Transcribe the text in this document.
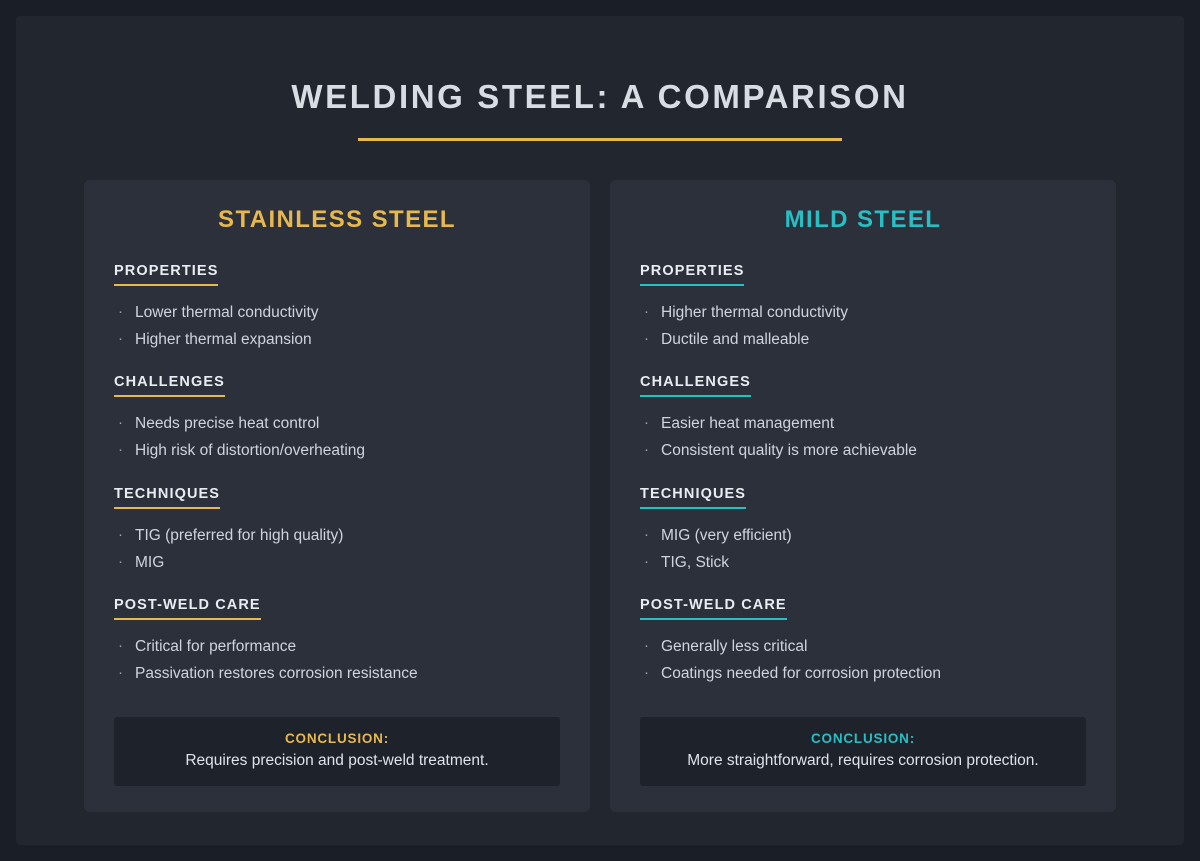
WELDING STEEL: A COMPARISON
STAINLESS STEEL
PROPERTIES
· Lower thermal conductivity
· Higher thermal expansion
CHALLENGES
· Needs precise heat control
· High risk of distortion/overheating
TECHNIQUES
· TIG (preferred for high quality)
· MIG
POST-WELD CARE
· Critical for performance
· Passivation restores corrosion resistance
CONCLUSION:
Requires precision and post-weld treatment.
MILD STEEL
PROPERTIES
· Higher thermal conductivity
· Ductile and malleable
CHALLENGES
· Easier heat management
· Consistent quality is more achievable
TECHNIQUES
· MIG (very efficient)
· TIG, Stick
POST-WELD CARE
· Generally less critical
· Coatings needed for corrosion protection
CONCLUSION:
More straightforward, requires corrosion protection.
